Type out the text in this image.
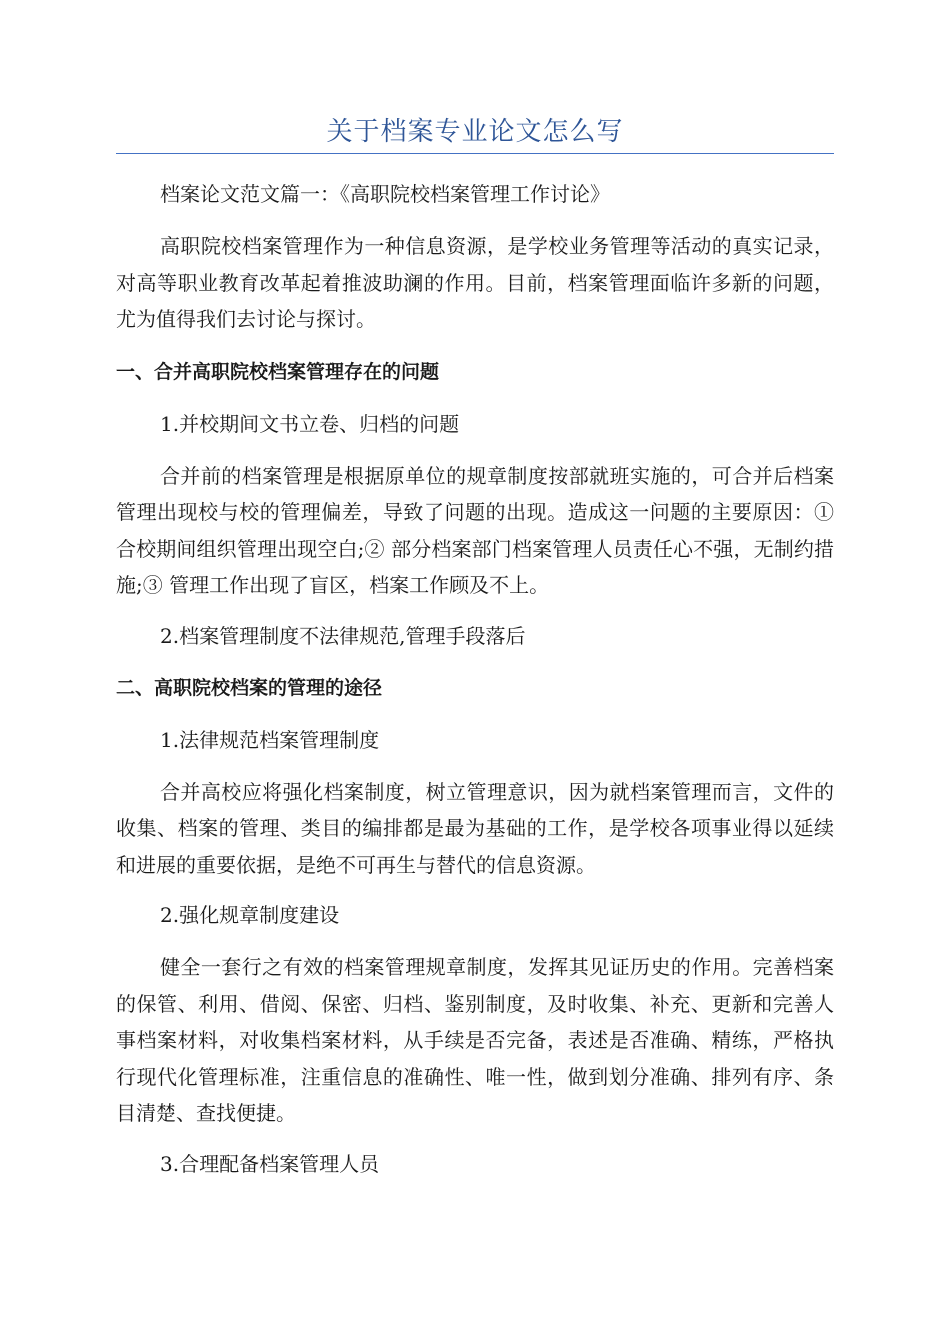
关于档案专业论文怎么写
档案论文范文篇一：《高职院校档案管理工作讨论》
高职院校档案管理作为一种信息资源，是学校业务管理等活动的真实记录，对高等职业教育改革起着推波助澜的作用。目前，档案管理面临许多新的问题，尤为值得我们去讨论与探讨。
一、合并高职院校档案管理存在的问题
1.并校期间文书立卷、归档的问题
合并前的档案管理是根据原单位的规章制度按部就班实施的，可合并后档案管理出现校与校的管理偏差，导致了问题的出现。造成这一问题的主要原因：①合校期间组织管理出现空白;② 部分档案部门档案管理人员责任心不强，无制约措施;③ 管理工作出现了盲区，档案工作顾及不上。
2.档案管理制度不法律规范,管理手段落后
二、高职院校档案的管理的途径
1.法律规范档案管理制度
合并高校应将强化档案制度，树立管理意识，因为就档案管理而言，文件的收集、档案的管理、类目的编排都是最为基础的工作，是学校各项事业得以延续和进展的重要依据，是绝不可再生与替代的信息资源。
2.强化规章制度建设
健全一套行之有效的档案管理规章制度，发挥其见证历史的作用。完善档案的保管、利用、借阅、保密、归档、鉴别制度，及时收集、补充、更新和完善人事档案材料，对收集档案材料，从手续是否完备，表述是否准确、精练，严格执行现代化管理标准，注重信息的准确性、唯一性，做到划分准确、排列有序、条目清楚、查找便捷。
3.合理配备档案管理人员
